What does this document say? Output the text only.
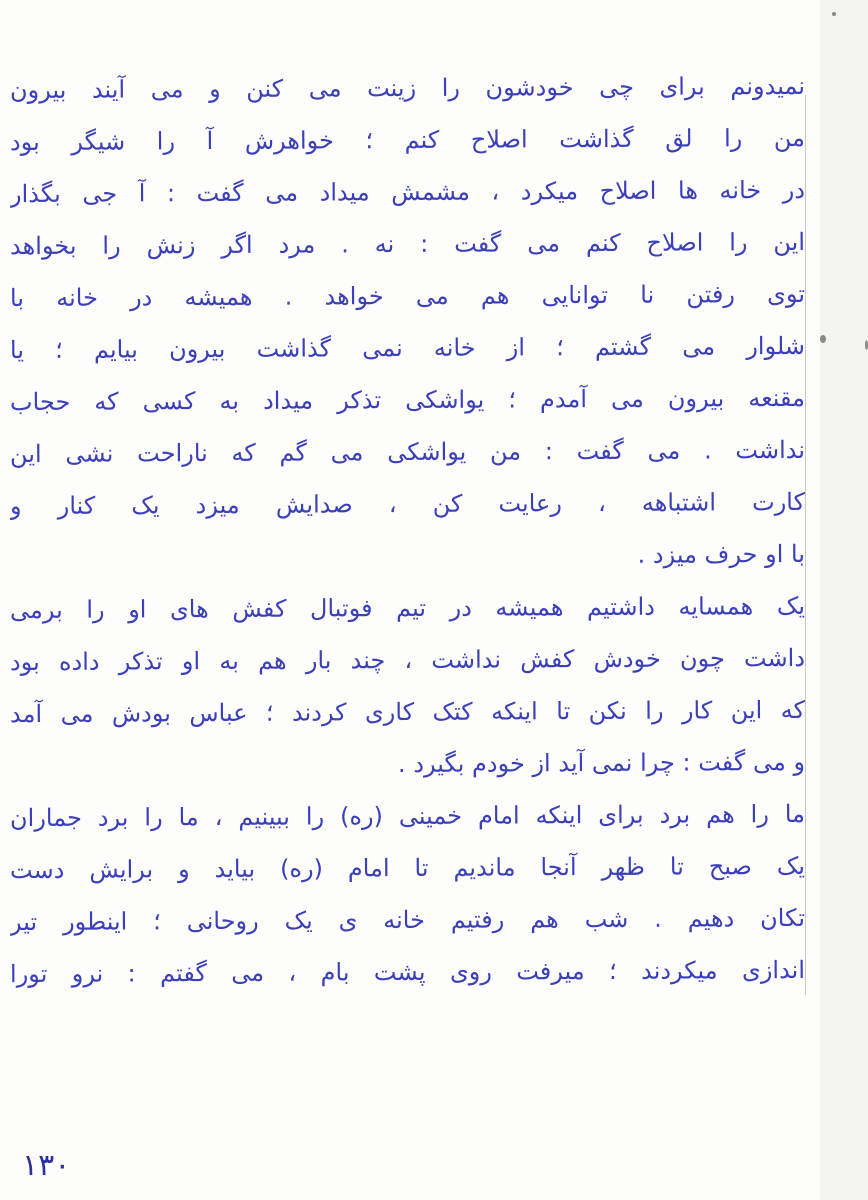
نمیدونم برای چی خودشون را زینت می کنن و می آیند بیرون
من را لق گذاشت اصلاح کنم ؛ خواهرش آ را شیگر بود
در خانه ها اصلاح میکرد ، مشمش میداد می گفت : آ جی بگذار
این را اصلاح کنم می گفت : نه . مرد اگر زنش را بخواهد
توی رفتن نا توانایی هم می خواهد . همیشه در خانه با
شلوار می گشتم ؛ از خانه نمی گذاشت بیرون بیایم ؛ یا
مقنعه بیرون می آمدم ؛ یواشکی تذکر میداد به کسی که حجاب
نداشت . می گفت : من یواشکی می گم که ناراحت نشی این
کارت اشتباهه ، رعایت کن ، صدایش میزد یک کنار و
با او حرف میزد .
یک همسایه داشتیم همیشه در تیم فوتبال کفش های او را برمی
داشت چون خودش کفش نداشت ، چند بار هم به او تذکر داده بود
که این کار را نکن تا اینکه کتک کاری کردند ؛ عباس بودش می آمد
و می گفت : چرا نمی آید از خودم بگیرد .
ما را هم برد برای اینکه امام خمینی (ره) را ببینیم ، ما را برد جماران
یک صبح تا ظهر آنجا ماندیم تا امام (ره) بیاید و برایش دست
تکان دهیم . شب هم رفتیم خانه ی یک روحانی ؛ اینطور تیر
اندازی میکردند ؛ میرفت روی پشت بام ، می گفتم : نرو تورا
۱۳۰
